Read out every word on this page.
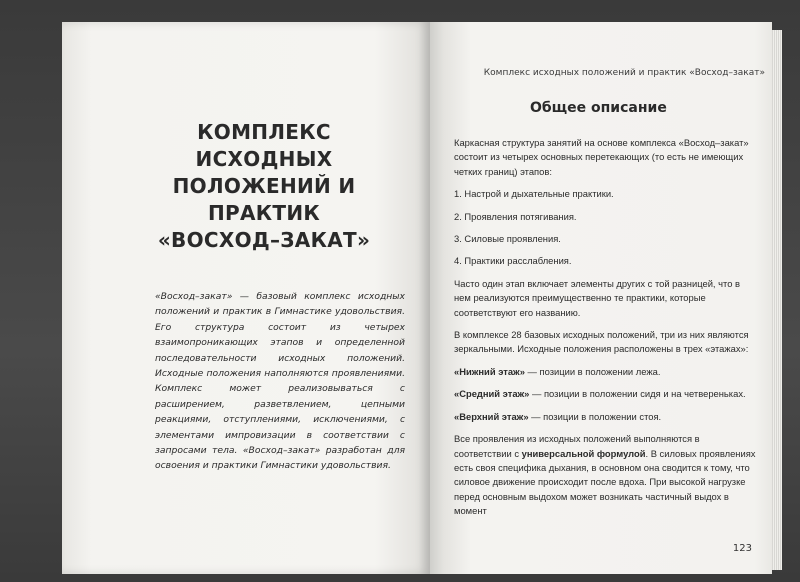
КОМПЛЕКС ИСХОДНЫХ
ПОЛОЖЕНИЙ И ПРАКТИК
«ВОСХОД–ЗАКАТ»
«Восход–закат» — базовый комплекс исходных положений и практик в Гимнастике удовольствия. Его структура состоит из четырех взаимопроникающих этапов и определенной последовательности исходных положений. Исходные положения наполняются проявлениями. Комплекс может реализовываться с расширением, разветвлением, цепными реакциями, отступлениями, исключениями, с элементами импровизации в соответствии с запросами тела. «Восход–закат» разработан для освоения и практики Гимнастики удовольствия.
Комплекс исходных положений и практик «Восход–закат»
Общее описание

Каркасная структура занятий на основе комплекса «Восход–закат» состоит из четырех основных перетекающих (то есть не имеющих четких границ) этапов:

1. Настрой и дыхательные практики.
2. Проявления потягивания.
3. Силовые проявления.
4. Практики расслабления.

Часто один этап включает элементы других с той разницей, что в нем реализуются преимущественно те практики, которые соответствуют его названию.

В комплексе 28 базовых исходных положений, три из них являются зеркальными. Исходные положения расположены в трех «этажах»:

«Нижний этаж» — позиции в положении лежа.

«Средний этаж» — позиции в положении сидя и на четвереньках.

«Верхний этаж» — позиции в положении стоя.

Все проявления из исходных положений выполняются в соответствии с универсальной формулой. В силовых проявлениях есть своя специфика дыхания, в основном она сводится к тому, что силовое движение происходит после вдоха. При высокой нагрузке перед основным выдохом может возникать частичный выдох в момент

123
